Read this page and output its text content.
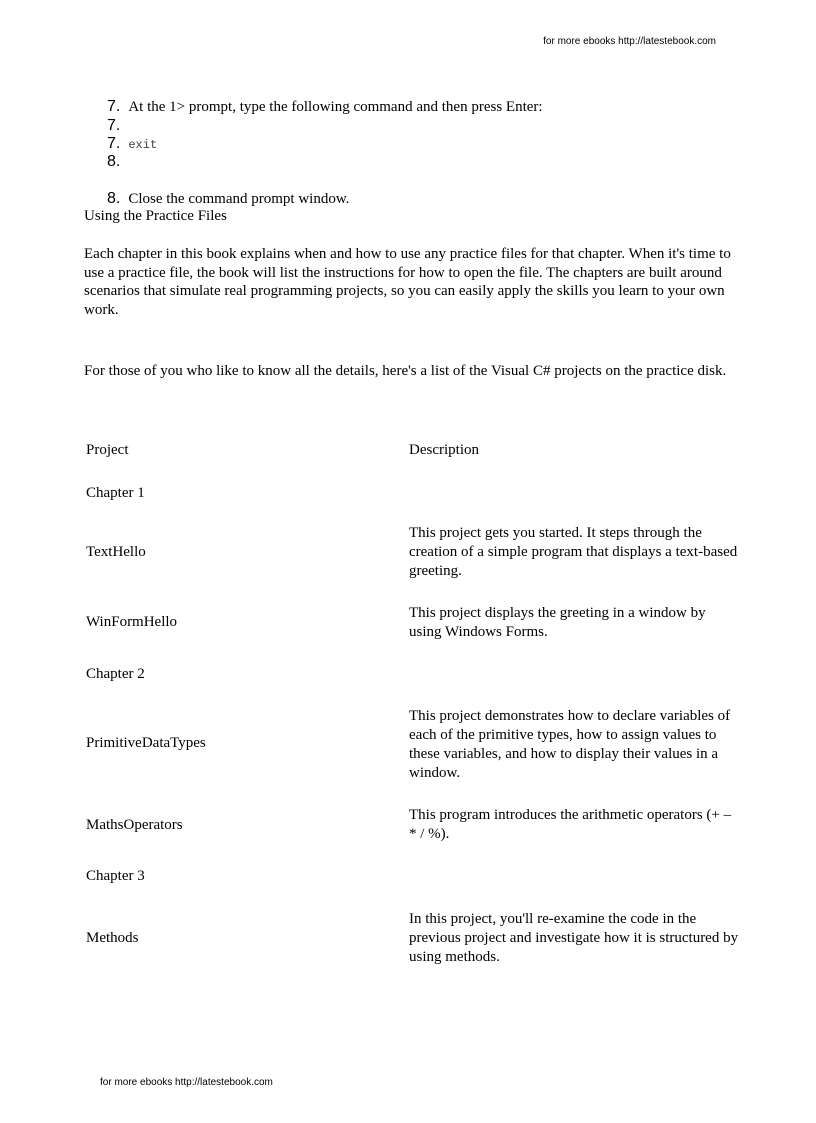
for more ebooks http://latestebook.com
7. At the 1> prompt, type the following command and then press Enter:
7.
7. exit
8.
8. Close the command prompt window.
Using the Practice Files
Each chapter in this book explains when and how to use any practice files for that chapter. When it's time to use a practice file, the book will list the instructions for how to open the file. The chapters are built around scenarios that simulate real programming projects, so you can easily apply the skills you learn to your own work.
For those of you who like to know all the details, here's a list of the Visual C# projects on the practice disk.
Project	Description
Chapter 1
TextHello
This project gets you started. It steps through the creation of a simple program that displays a text-based greeting.
WinFormHello
This project displays the greeting in a window by using Windows Forms.
Chapter 2
PrimitiveDataTypes
This project demonstrates how to declare variables of each of the primitive types, how to assign values to these variables, and how to display their values in a window.
MathsOperators
This program introduces the arithmetic operators (+ – * / %).
Chapter 3
Methods
In this project, you'll re-examine the code in the previous project and investigate how it is structured by using methods.
for more ebooks http://latestebook.com
